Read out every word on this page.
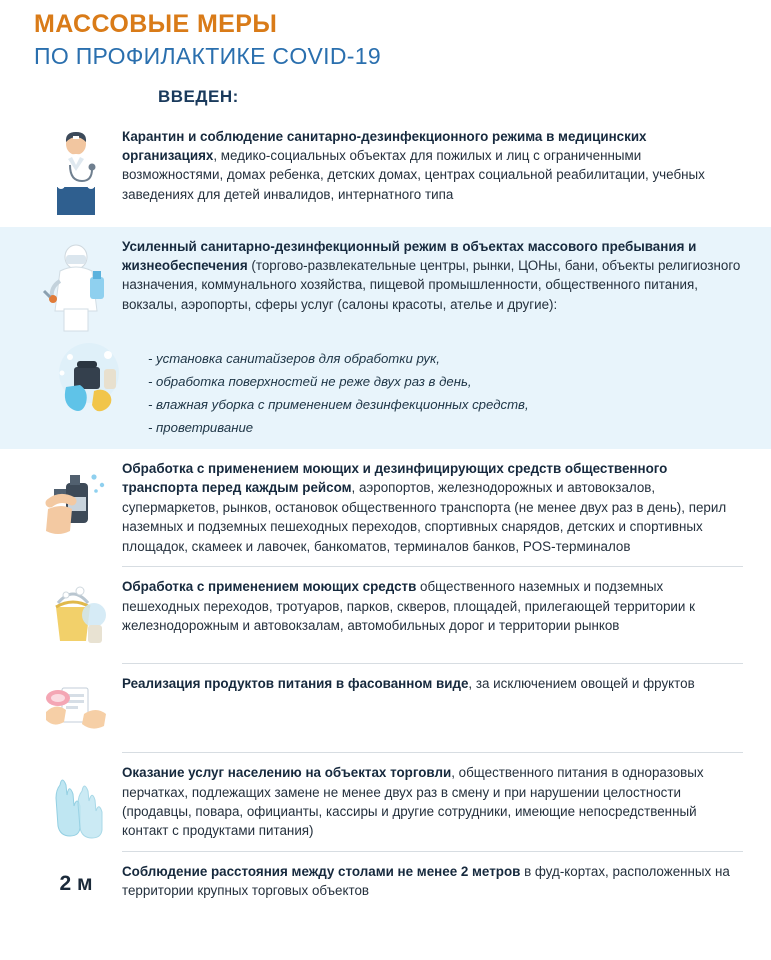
МАССОВЫЕ МЕРЫ
ПО ПРОФИЛАКТИКЕ COVID-19
ВВЕДЕН:
Карантин и соблюдение санитарно-дезинфекционного режима в медицинских организациях, медико-социальных объектах для пожилых и лиц с ограниченными возможностями, домах ребенка, детских домах, центрах социальной реабилитации, учебных заведениях для детей инвалидов, интернатного типа
Усиленный санитарно-дезинфекционный режим в объектах массового пребывания и жизнеобеспечения (торгово-развлекательные центры, рынки, ЦОНы, бани, объекты религиозного назначения, коммунального хозяйства, пищевой промышленности, общественного питания, вокзалы, аэропорты, сферы услуг (салоны красоты, ателье и другие):
- установка санитайзеров для обработки рук,
- обработка поверхностей не реже двух раз в день,
- влажная уборка с применением дезинфекционных средств,
- проветривание
Обработка с применением моющих и дезинфицирующих средств общественного транспорта перед каждым рейсом, аэропортов, железнодорожных и автовокзалов, супермаркетов, рынков, остановок общественного транспорта (не менее двух раз в день), перил наземных и подземных пешеходных переходов, спортивных снарядов, детских и спортивных площадок, скамеек и лавочек, банкоматов, терминалов банков, POS-терминалов
Обработка с применением моющих средств общественного наземных и подземных пешеходных переходов, тротуаров, парков, скверов, площадей, прилегающей территории к железнодорожным и автовокзалам, автомобильных дорог и территории рынков
Реализация продуктов питания в фасованном виде, за исключением овощей и фруктов
Оказание услуг населению на объектах торговли, общественного питания в одноразовых перчатках, подлежащих замене не менее двух раз в смену и при нарушении целостности (продавцы, повара, официанты, кассиры и другие сотрудники, имеющие непосредственный контакт с продуктами питания)
2 м
Соблюдение расстояния между столами не менее 2 метров в фуд-кортах, расположенных на территории крупных торговых объектов
